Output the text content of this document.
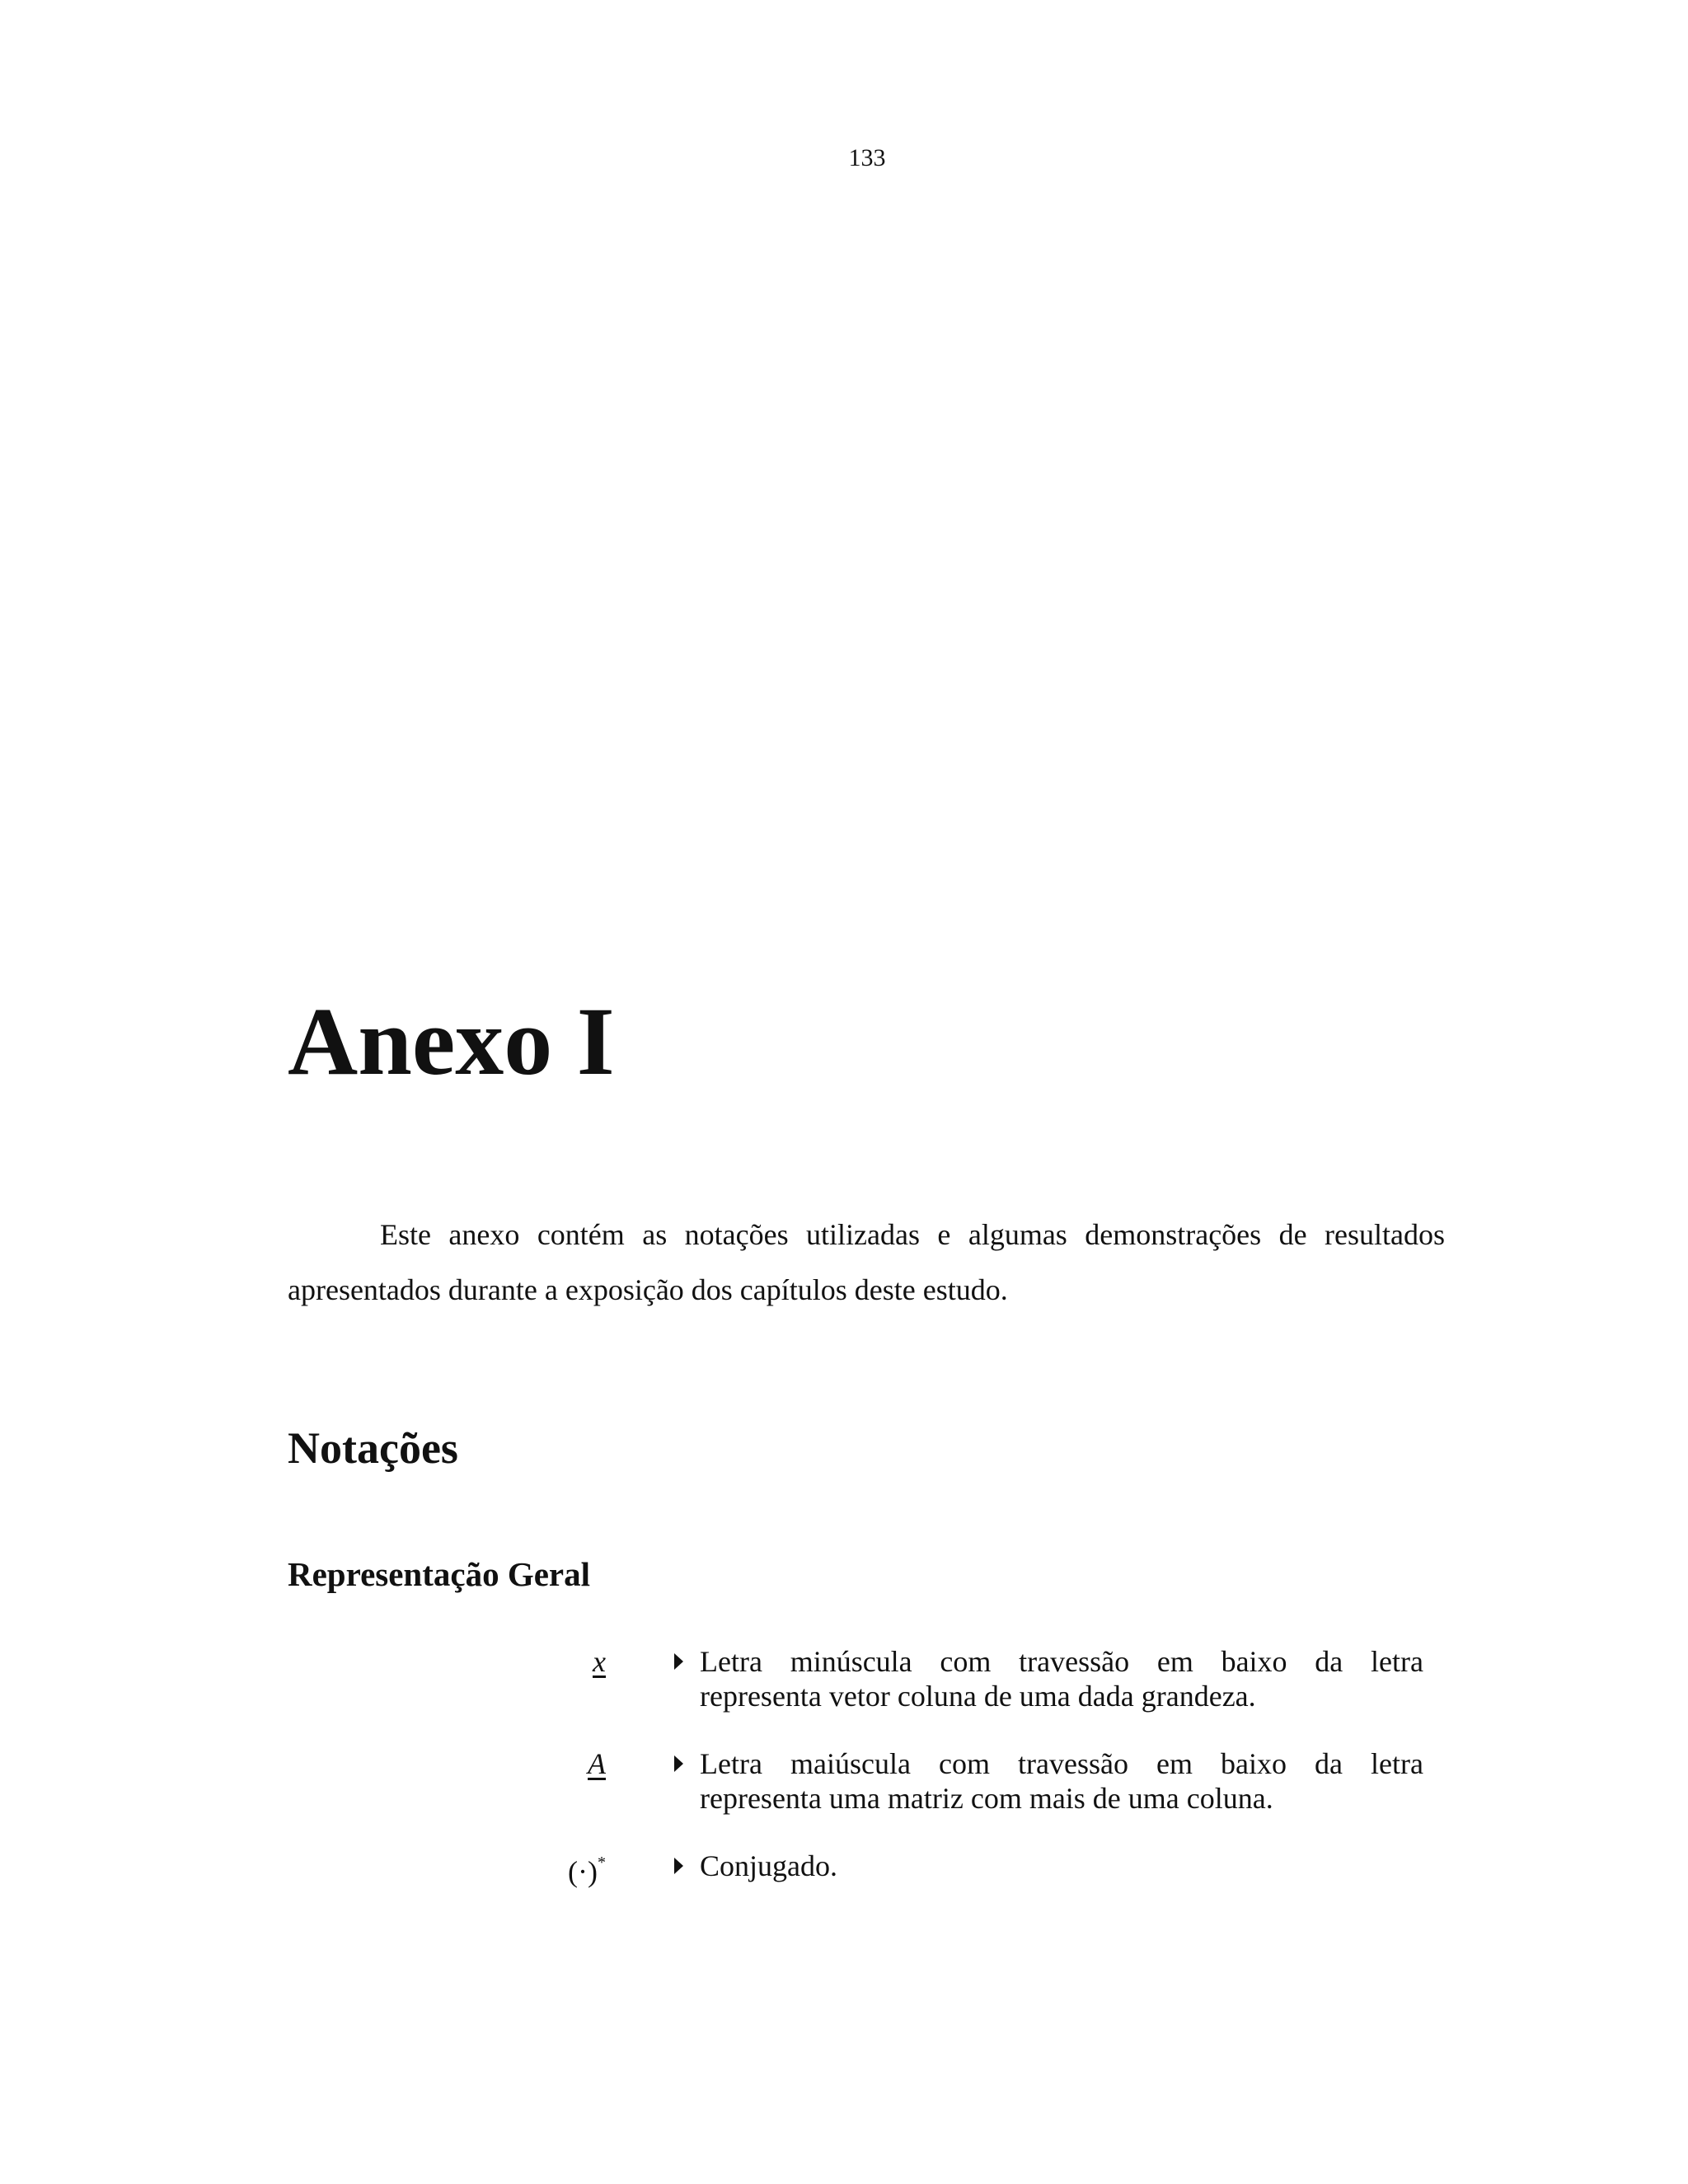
133
Anexo I

Este anexo contém as notações utilizadas e algumas demonstrações de resultados apresentados durante a exposição dos capítulos deste estudo.

Notações
Representação Geral
x	Letra minúscula com travessão em baixo da letra
representa vetor coluna de uma dada grandeza.
A	Letra maiúscula com travessão em baixo da letra
representa uma matriz com mais de uma coluna.
(·)*	Conjugado.
